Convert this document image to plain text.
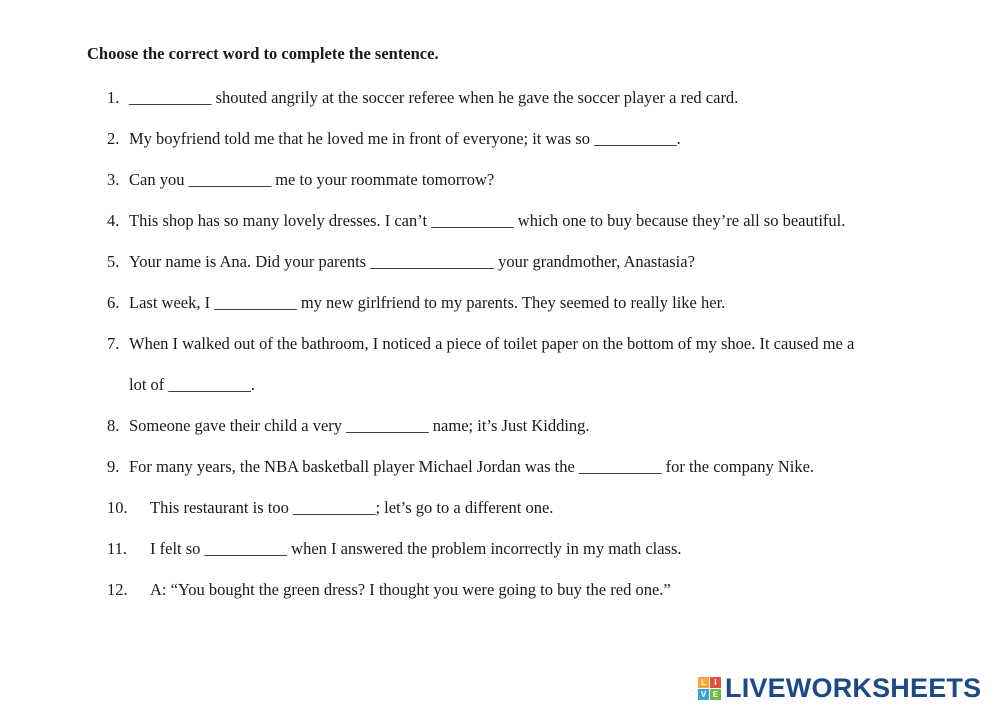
Choose the correct word to complete the sentence.
1. __________ shouted angrily at the soccer referee when he gave the soccer player a red card.
2. My boyfriend told me that he loved me in front of everyone; it was so __________.
3. Can you __________ me to your roommate tomorrow?
4. This shop has so many lovely dresses. I can’t __________ which one to buy because they’re all so beautiful.
5. Your name is Ana. Did your parents _______________ your grandmother, Anastasia?
6. Last week, I __________ my new girlfriend to my parents. They seemed to really like her.
7. When I walked out of the bathroom, I noticed a piece of toilet paper on the bottom of my shoe. It caused me a
lot of __________.
8. Someone gave their child a very __________ name; it’s Just Kidding.
9. For many years, the NBA basketball player Michael Jordan was the __________ for the company Nike.
10. This restaurant is too __________; let’s go to a different one.
11. I felt so __________ when I answered the problem incorrectly in my math class.
12. A: “You bought the green dress? I thought you were going to buy the red one.”
L	I
V E LIVEWORKSHEETS
